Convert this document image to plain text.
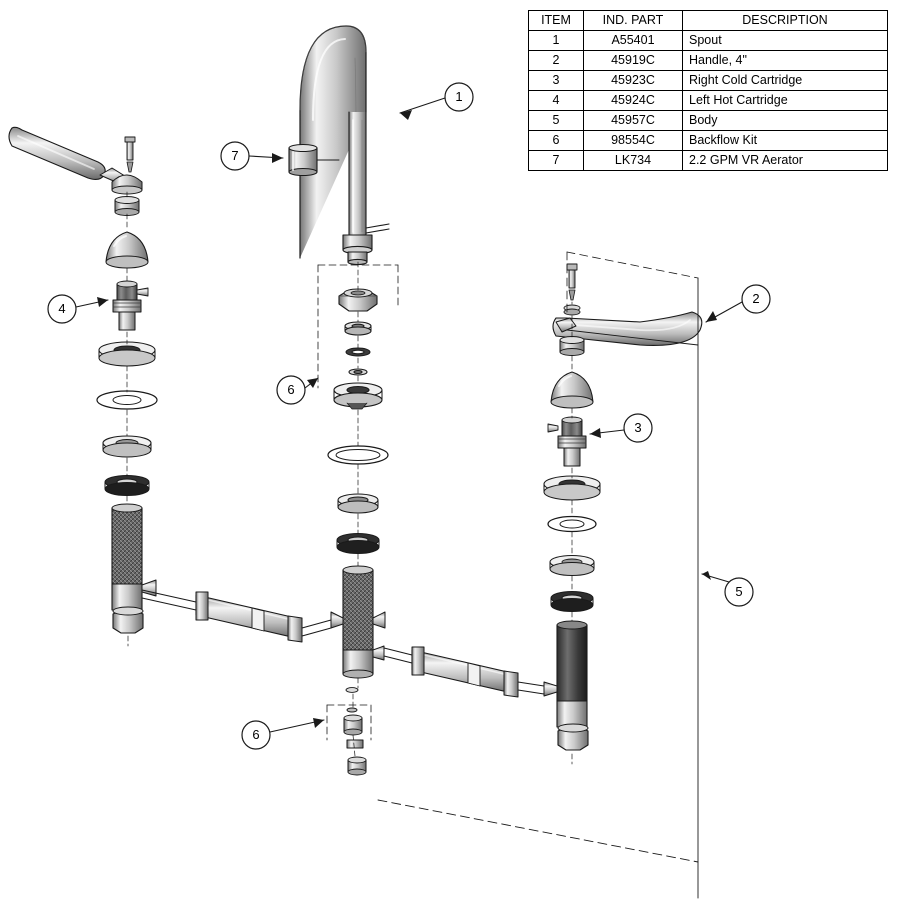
1
2
3
4
5
6
6
7
ITEM	IND. PART	DESCRIPTION
1	A55401	Spout
2	45919C	Handle, 4"
3	45923C	Right Cold Cartridge
4	45924C	Left Hot Cartridge
5	45957C	Body
6	98554C	Backflow Kit
7	LK734	2.2 GPM VR Aerator
